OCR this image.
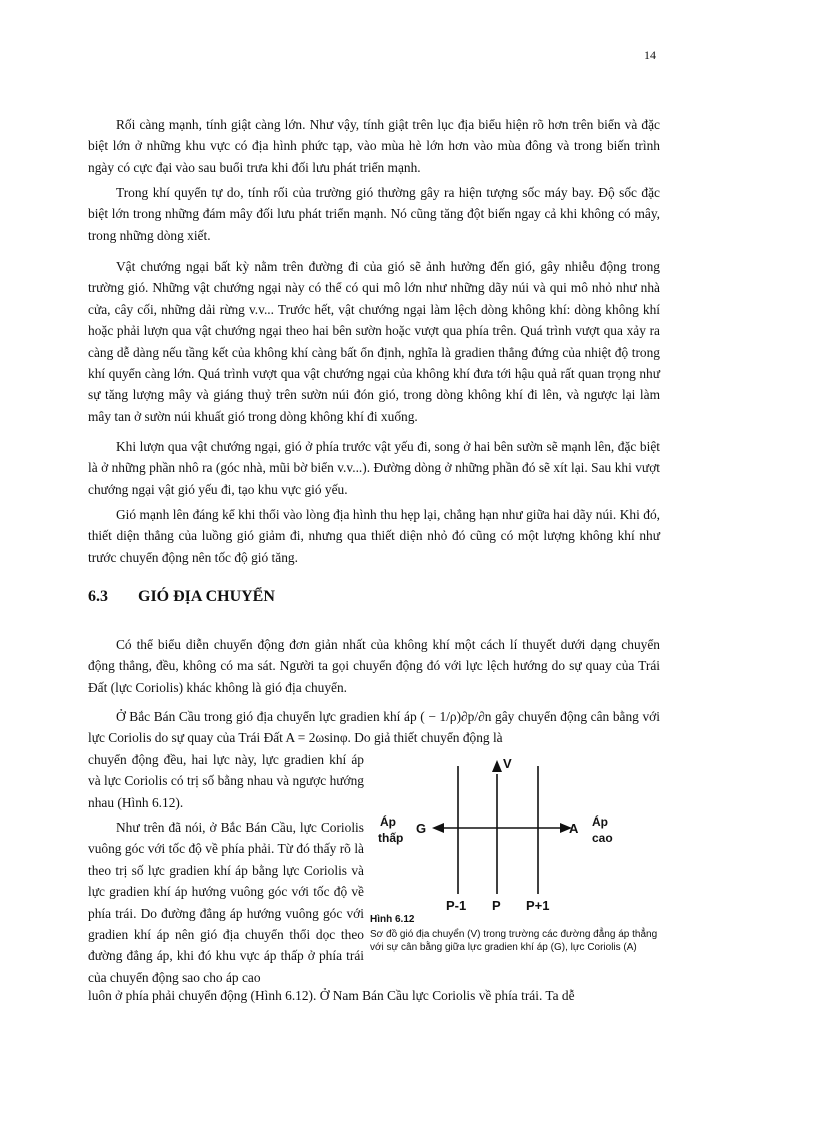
14

Rối càng mạnh, tính giật càng lớn. Như vậy, tính giật trên lục địa biểu hiện rõ hơn trên biển và đặc biệt lớn ở những khu vực có địa hình phức tạp, vào mùa hè lớn hơn vào mùa đông và trong biến trình ngày có cực đại vào sau buổi trưa khi đối lưu phát triển mạnh.

Trong khí quyển tự do, tính rối của trường gió thường gây ra hiện tượng sốc máy bay. Độ sốc đặc biệt lớn trong những đám mây đối lưu phát triển mạnh. Nó cũng tăng đột biến ngay cả khi không có mây, trong những dòng xiết.

Vật chướng ngại bất kỳ nằm trên đường đi của gió sẽ ảnh hưởng đến gió, gây nhiễu động trong trường gió. Những vật chướng ngại này có thể có qui mô lớn như những dãy núi và qui mô nhỏ như nhà cửa, cây cối, những dải rừng v.v... Trước hết, vật chướng ngại làm lệch dòng không khí: dòng không khí hoặc phải lượn qua vật chướng ngại theo hai bên sườn hoặc vượt qua phía trên. Quá trình vượt qua xảy ra càng dễ dàng nếu tầng kết của không khí càng bất ổn định, nghĩa là gradien thẳng đứng của nhiệt độ trong khí quyển càng lớn. Quá trình vượt qua vật chướng ngại của không khí đưa tới hậu quả rất quan trọng như sự tăng lượng mây và giáng thuỷ trên sườn núi đón gió, trong dòng không khí đi lên, và ngược lại làm mây tan ở sườn núi khuất gió trong dòng không khí đi xuống.

Khi lượn qua vật chướng ngại, gió ở phía trước vật yếu đi, song ở hai bên sườn sẽ mạnh lên, đặc biệt là ở những phần nhô ra (góc nhà, mũi bờ biển v.v...). Đường dòng ở những phần đó sẽ xít lại. Sau khi vượt chướng ngại vật gió yếu đi, tạo khu vực gió yếu.

Gió mạnh lên đáng kể khi thổi vào lòng địa hình thu hẹp lại, chẳng hạn như giữa hai dãy núi. Khi đó, thiết diện thẳng của luồng gió giảm đi, nhưng qua thiết diện nhỏ đó cũng có một lượng không khí như trước chuyển động nên tốc độ gió tăng.

6.3 GIÓ ĐỊA CHUYỂN

Có thể biểu diễn chuyển động đơn giản nhất của không khí một cách lí thuyết dưới dạng chuyển động thẳng, đều, không có ma sát. Người ta gọi chuyển động đó với lực lệch hướng do sự quay của Trái Đất (lực Coriolis) khác không là gió địa chuyển.

Ở Bắc Bán Cầu trong gió địa chuyển lực gradien khí áp ( − 1/ρ)∂p/∂n gây chuyển động cân bằng với lực Coriolis do sự quay của Trái Đất A = 2ωsinφ. Do giả thiết chuyển động là

chuyển động đều, hai lực này, lực gradien khí áp và lực Coriolis có trị số bằng nhau và ngược hướng nhau (Hình 6.12).

Như trên đã nói, ở Bắc Bán Cầu, lực Coriolis vuông góc với tốc độ về phía phải. Từ đó thấy rõ là theo trị số lực gradien khí áp bằng lực Coriolis và lực gradien khí áp hướng vuông góc với tốc độ về phía trái. Do đường đẳng áp hướng vuông góc với gradien khí áp nên gió địa chuyển thổi dọc theo đường đẳng áp, khi đó khu vực áp thấp ở phía trái của chuyển động sao cho áp cao

luôn ở phía phải chuyển động (Hình 6.12). Ở Nam Bán Cầu lực Coriolis về phía trái. Ta dễ

V
G	A
Áp
thấp
Áp
cao
P-1 P P+1

Hình 6.12

Sơ đồ gió địa chuyển (V) trong trường các đường đẳng áp thẳng với sự cân bằng giữa lực gradien khí áp (G), lực Coriolis (A)
